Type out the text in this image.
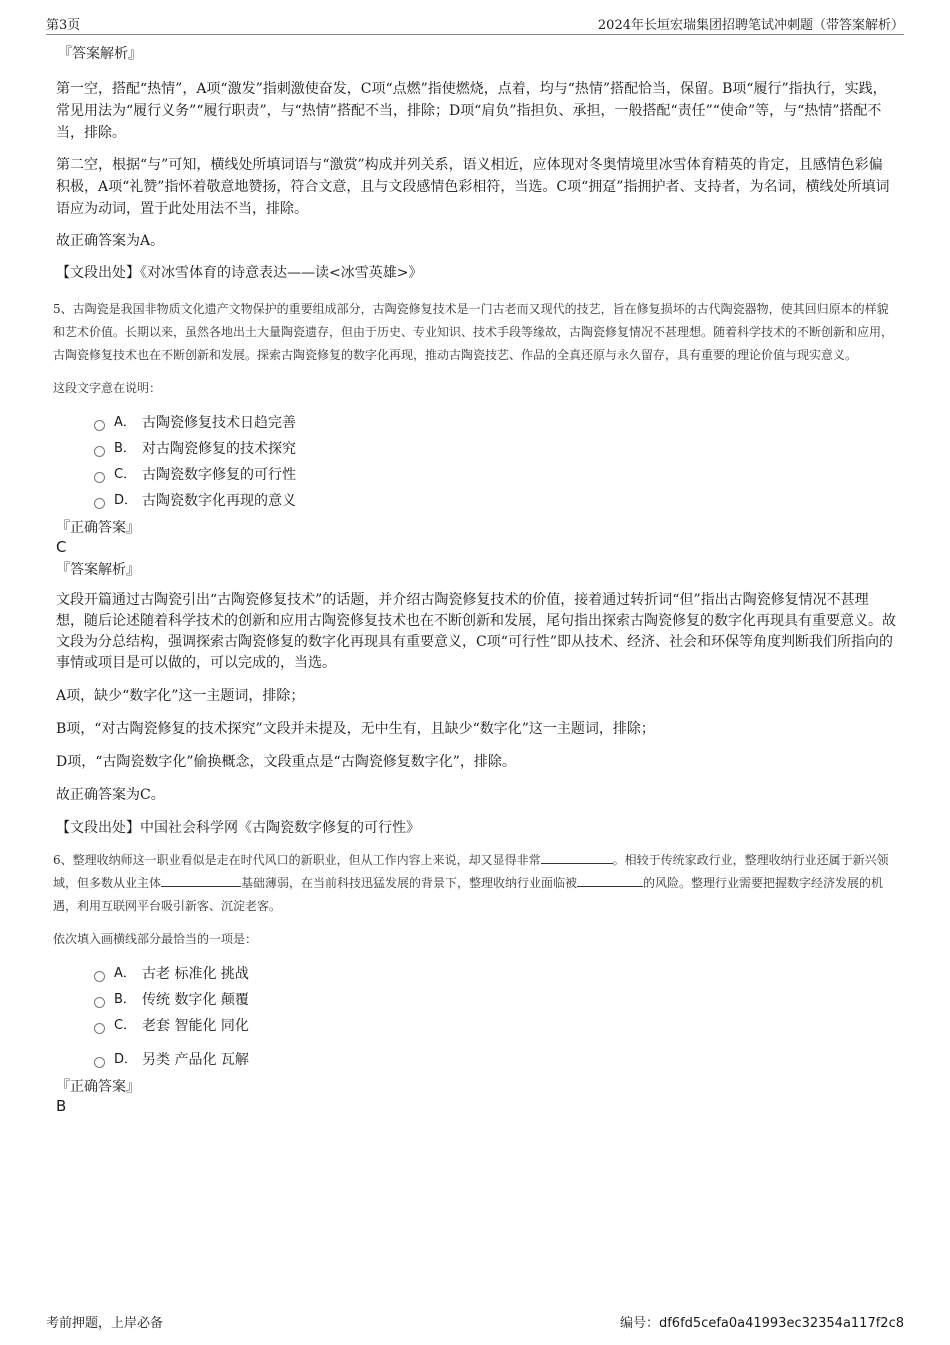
第3页	2024年长垣宏瑞集团招聘笔试冲刺题（带答案解析）

『答案解析』

第一空，搭配“热情”，A项“激发”指刺激使奋发，C项“点燃”指使燃烧，点着，均与“热情”搭配恰当，保留。B项“履行”指执行，实践，常见用法为“履行义务”“履行职责”，与“热情”搭配不当，排除；D项“肩负”指担负、承担，一般搭配“责任”“使命”等，与“热情”搭配不当，排除。

第二空，根据“与”可知，横线处所填词语与“激赏”构成并列关系，语义相近，应体现对冬奥情境里冰雪体育精英的肯定，且感情色彩偏积极，A项“礼赞”指怀着敬意地赞扬，符合文意，且与文段感情色彩相符，当选。C项“拥趸”指拥护者、支持者，为名词，横线处所填词语应为动词，置于此处用法不当，排除。

故正确答案为A。

【文段出处】《对冰雪体育的诗意表达——读<冰雪英雄>》

5、古陶瓷是我国非物质文化遗产文物保护的重要组成部分，古陶瓷修复技术是一门古老而又现代的技艺，旨在修复损坏的古代陶瓷器物，使其回归原本的样貌和艺术价值。长期以来，虽然各地出土大量陶瓷遗存，但由于历史、专业知识、技术手段等缘故，古陶瓷修复情况不甚理想。随着科学技术的不断创新和应用，古陶瓷修复技术也在不断创新和发展。探索古陶瓷修复的数字化再现，推动古陶瓷技艺、作品的全真还原与永久留存，具有重要的理论价值与现实意义。

这段文字意在说明：

A． 古陶瓷修复技术日趋完善
B． 对古陶瓷修复的技术探究
C． 古陶瓷数字修复的可行性
D． 古陶瓷数字化再现的意义

『正确答案』

C

『答案解析』

文段开篇通过古陶瓷引出“古陶瓷修复技术”的话题，并介绍古陶瓷修复技术的价值，接着通过转折词“但”指出古陶瓷修复情况不甚理想，随后论述随着科学技术的创新和应用古陶瓷修复技术也在不断创新和发展，尾句指出探索古陶瓷修复的数字化再现具有重要意义。故文段为分总结构，强调探索古陶瓷修复的数字化再现具有重要意义，C项“可行性”即从技术、经济、社会和环保等角度判断我们所指向的事情或项目是可以做的，可以完成的，当选。

A项，缺少“数字化”这一主题词，排除；

B项，“对古陶瓷修复的技术探究”文段并未提及，无中生有，且缺少“数字化”这一主题词，排除；

D项，“古陶瓷数字化”偷换概念，文段重点是“古陶瓷修复数字化”，排除。

故正确答案为C。

【文段出处】中国社会科学网《古陶瓷数字修复的可行性》

6、整理收纳师这一职业看似是走在时代风口的新职业，但从工作内容上来说，却又显得非常	。相较于传统家政行业，整理收纳行业还属于新兴领域，但多数从业主体	基础薄弱，在当前科技迅猛发展的背景下，整理收纳行业面临被	的风险。整理行业需要把握数字经济发展的机遇，利用互联网平台吸引新客、沉淀老客。

依次填入画横线部分最恰当的一项是：

A． 古老 标准化 挑战
B． 传统 数字化 颠覆
C． 老套 智能化 同化
D． 另类 产品化 瓦解

『正确答案』

B

考前押题，上岸必备	编号：df6fd5cefa0a41993ec32354a117f2c8
